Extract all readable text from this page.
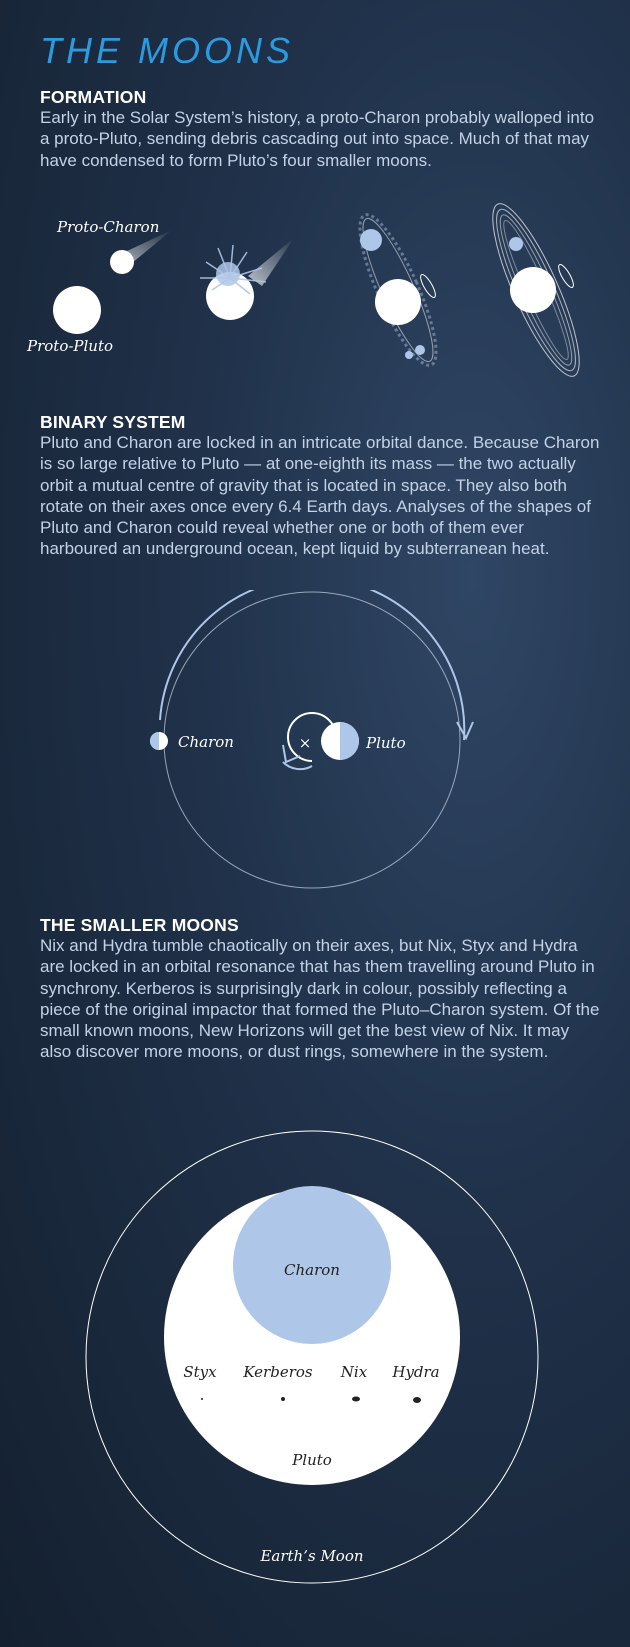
THE MOONS
FORMATION

Early in the Solar System’s history, a proto-Charon probably walloped into a proto-Pluto, sending debris cascading out into space. Much of that may have condensed to form Pluto’s four smaller moons.

Proto-Charon
Proto-Pluto
BINARY SYSTEM

Pluto and Charon are locked in an intricate orbital dance. Because Charon is so large relative to Pluto — at one-eighth its mass — the two actually orbit a mutual centre of gravity that is located in space. They also both rotate on their axes once every 6.4 Earth days. Analyses of the shapes of Pluto and Charon could reveal whether one or both of them ever harboured an underground ocean, kept liquid by subterranean heat.

Charon	×	Pluto
THE SMALLER MOONS

Nix and Hydra tumble chaotically on their axes, but Nix, Styx and Hydra are locked in an orbital resonance that has them travelling around Pluto in synchrony. Kerberos is surprisingly dark in colour, possibly reflecting a piece of the original impactor that formed the Pluto–Charon system. Of the small known moons, New Horizons will get the best view of Nix. It may also discover more moons, or dust rings, somewhere in the system.

Charon
Styx Kerberos Nix Hydra
Pluto
Earth’s Moon
